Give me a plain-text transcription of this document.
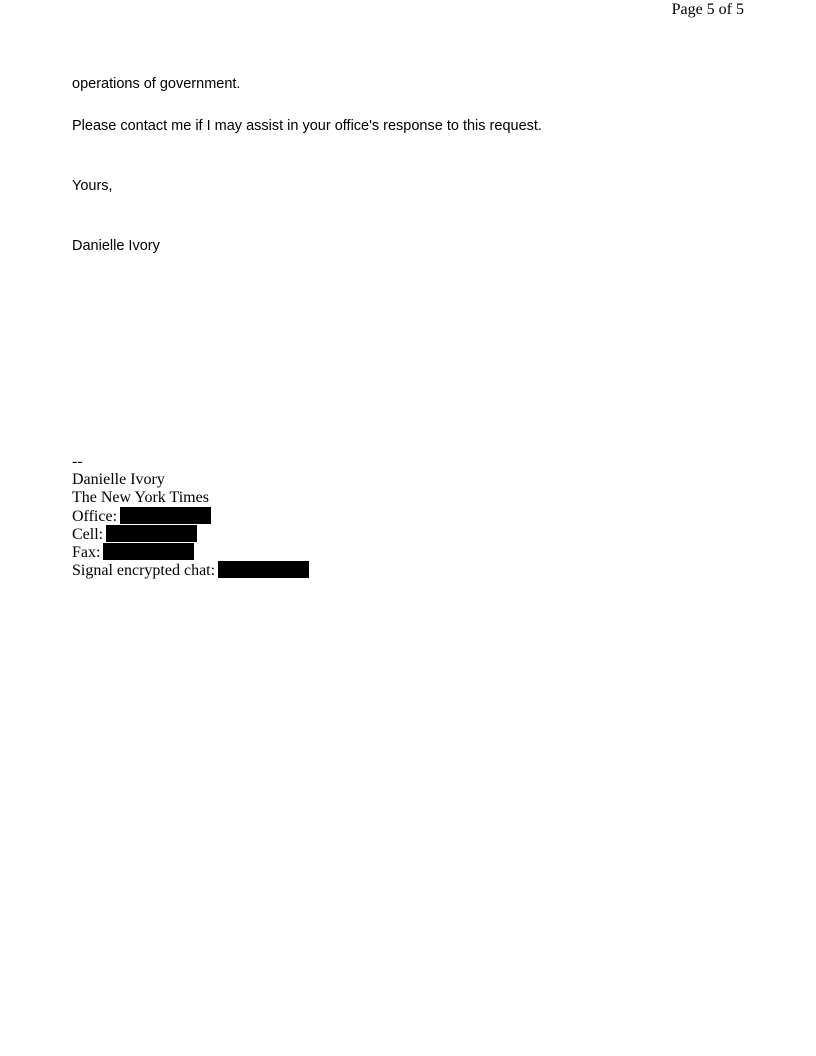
Page 5 of 5
operations of government.
Please contact me if I may assist in your office's response to this request.
Yours,
Danielle Ivory
--
Danielle Ivory
The New York Times
Office:
Cell:
Fax:
Signal encrypted chat:
